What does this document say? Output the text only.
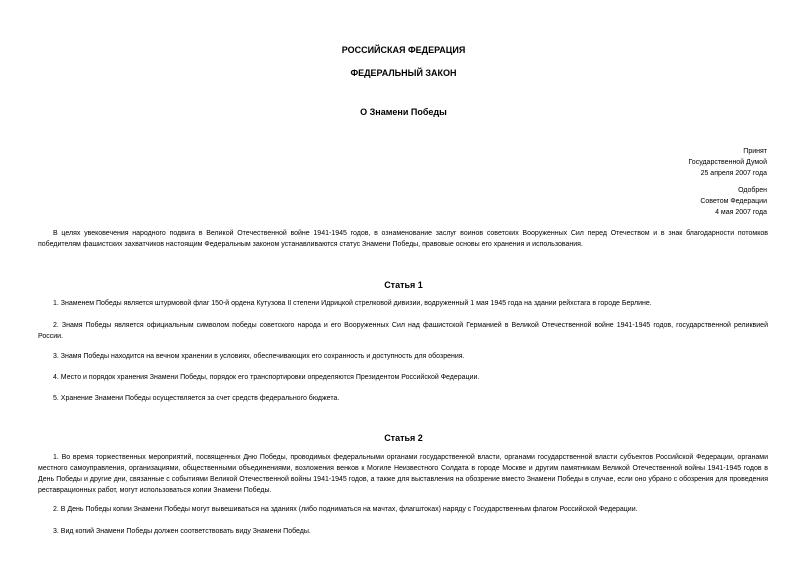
РОССИЙСКАЯ ФЕДЕРАЦИЯ
ФЕДЕРАЛЬНЫЙ ЗАКОН
О Знамени Победы
Принят
Государственной Думой
25 апреля 2007 года
Одобрен
Советом Федерации
4 мая 2007 года
В целях увековечения народного подвига в Великой Отечественной войне 1941-1945 годов, в ознаменование заслуг воинов советских Вооруженных Сил перед Отечеством и в знак благодарности потомков победителям фашистских захватчиков настоящим Федеральным законом устанавливаются статус Знамени Победы, правовые основы его хранения и использования.
Статья 1
1. Знаменем Победы является штурмовой флаг 150-й ордена Кутузова II степени Идрицкой стрелковой дивизии, водруженный 1 мая 1945 года на здании рейхстага в городе Берлине.
2. Знамя Победы является официальным символом победы советского народа и его Вооруженных Сил над фашистской Германией в Великой Отечественной войне 1941-1945 годов, государственной реликвией России.
3. Знамя Победы находится на вечном хранении в условиях, обеспечивающих его сохранность и доступность для обозрения.
4. Место и порядок хранения Знамени Победы, порядок его транспортировки определяются Президентом Российской Федерации.
5. Хранение Знамени Победы осуществляется за счет средств федерального бюджета.
Статья 2
1. Во время торжественных мероприятий, посвященных Дню Победы, проводимых федеральными органами государственной власти, органами государственной власти субъектов Российской Федерации, органами местного самоуправления, организациями, общественными объединениями, возложения венков к Могиле Неизвестного Солдата в городе Москве и другим памятникам Великой Отечественной войны 1941-1945 годов в День Победы и другие дни, связанные с событиями Великой Отечественной войны 1941-1945 годов, а также для выставления на обозрение вместо Знамени Победы в случае, если оно убрано с обозрения для проведения реставрационных работ, могут использоваться копии Знамени Победы.
2. В День Победы копии Знамени Победы могут вывешиваться на зданиях (либо подниматься на мачтах, флагштоках) наряду с Государственным флагом Российской Федерации.
3. Вид копий Знамени Победы должен соответствовать виду Знамени Победы.
